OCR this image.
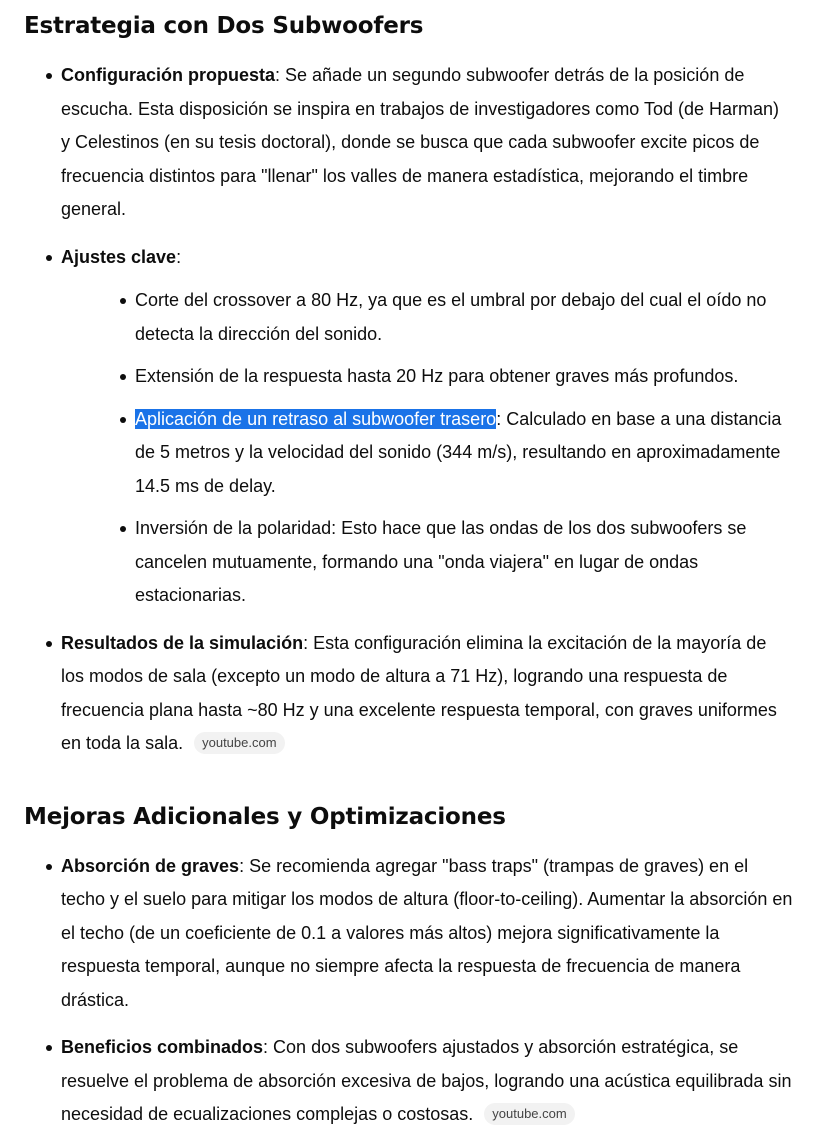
Estrategia con Dos Subwoofers
Configuración propuesta: Se añade un segundo subwoofer detrás de la posición de escucha. Esta disposición se inspira en trabajos de investigadores como Tod (de Harman) y Celestinos (en su tesis doctoral), donde se busca que cada subwoofer excite picos de frecuencia distintos para "llenar" los valles de manera estadística, mejorando el timbre general.
Ajustes clave:
Corte del crossover a 80 Hz, ya que es el umbral por debajo del cual el oído no detecta la dirección del sonido.
Extensión de la respuesta hasta 20 Hz para obtener graves más profundos.
Aplicación de un retraso al subwoofer trasero: Calculado en base a una distancia de 5 metros y la velocidad del sonido (344 m/s), resultando en aproximadamente 14.5 ms de delay.
Inversión de la polaridad: Esto hace que las ondas de los dos subwoofers se cancelen mutuamente, formando una "onda viajera" en lugar de ondas estacionarias.
Resultados de la simulación: Esta configuración elimina la excitación de la mayoría de los modos de sala (excepto un modo de altura a 71 Hz), logrando una respuesta de frecuencia plana hasta ~80 Hz y una excelente respuesta temporal, con graves uniformes en toda la sala. youtube.com
Mejoras Adicionales y Optimizaciones
Absorción de graves: Se recomienda agregar "bass traps" (trampas de graves) en el techo y el suelo para mitigar los modos de altura (floor-to-ceiling). Aumentar la absorción en el techo (de un coeficiente de 0.1 a valores más altos) mejora significativamente la respuesta temporal, aunque no siempre afecta la respuesta de frecuencia de manera drástica.
Beneficios combinados: Con dos subwoofers ajustados y absorción estratégica, se resuelve el problema de absorción excesiva de bajos, logrando una acústica equilibrada sin necesidad de ecualizaciones complejas o costosas. youtube.com
